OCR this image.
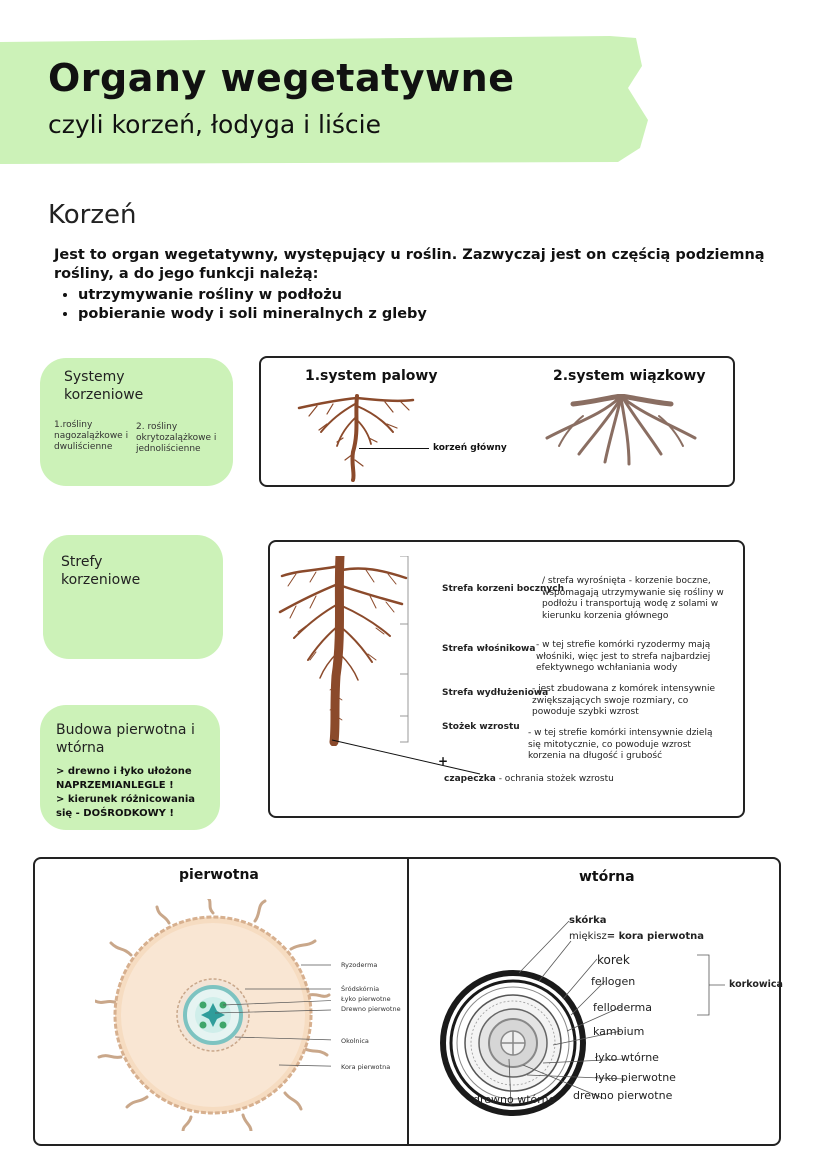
Organy wegetatywne
czyli korzeń, łodyga i liście
Korzeń

Jest to organ wegetatywny, występujący u roślin. Zazwyczaj jest on częścią podziemną rośliny, a do jego funkcji należą:

• utrzymywanie rośliny w podłożu
• pobieranie wody i soli mineralnych z gleby

Systemy korzeniowe

1.rośliny nagozalążkowe i dwuliścienne
2. rośliny okrytozalążkowe i jednoliścienne
1.system palowy	2.system wiązkowy
korzeń główny

Strefy korzeniowe

Strefa korzeni bocznych
/ strefa wyrośnięta - korzenie boczne, wspomagają utrzymywanie się rośliny w podłożu i transportują wodę z solami w kierunku korzenia głównego
Strefa włośnikowa - w tej strefie komórki ryzodermy mają włośniki, więc jest to strefa najbardziej efektywnego wchłaniania wody
Strefa wydłużeniowa
- jest zbudowana z komórek intensywnie zwiększających swoje rozmiary, co powoduje szybki wzrost
Stożek wzrostu
- w tej strefie komórki intensywnie dzielą się mitotycznie, co powoduje wzrost korzenia na długość i grubość
+
czapeczka - ochrania stożek wzrostu

Budowa pierwotna i wtórna

> drewno i łyko ułożone NAPRZEMIANLEGLE !
> kierunek różnicowania się - DOŚRODKOWY !
pierwotna
Ryzoderma
Śródskórnia
Łyko pierwotne
Drewno pierwotne
Okolnica
Kora pierwotna
wtórna
skórka
miękisz= kora pierwotna
korek
fellogen
felloderma
korkowica
kambium
łyko wtórne
łyko pierwotne
drewno pierwotne
drewno wtórne
